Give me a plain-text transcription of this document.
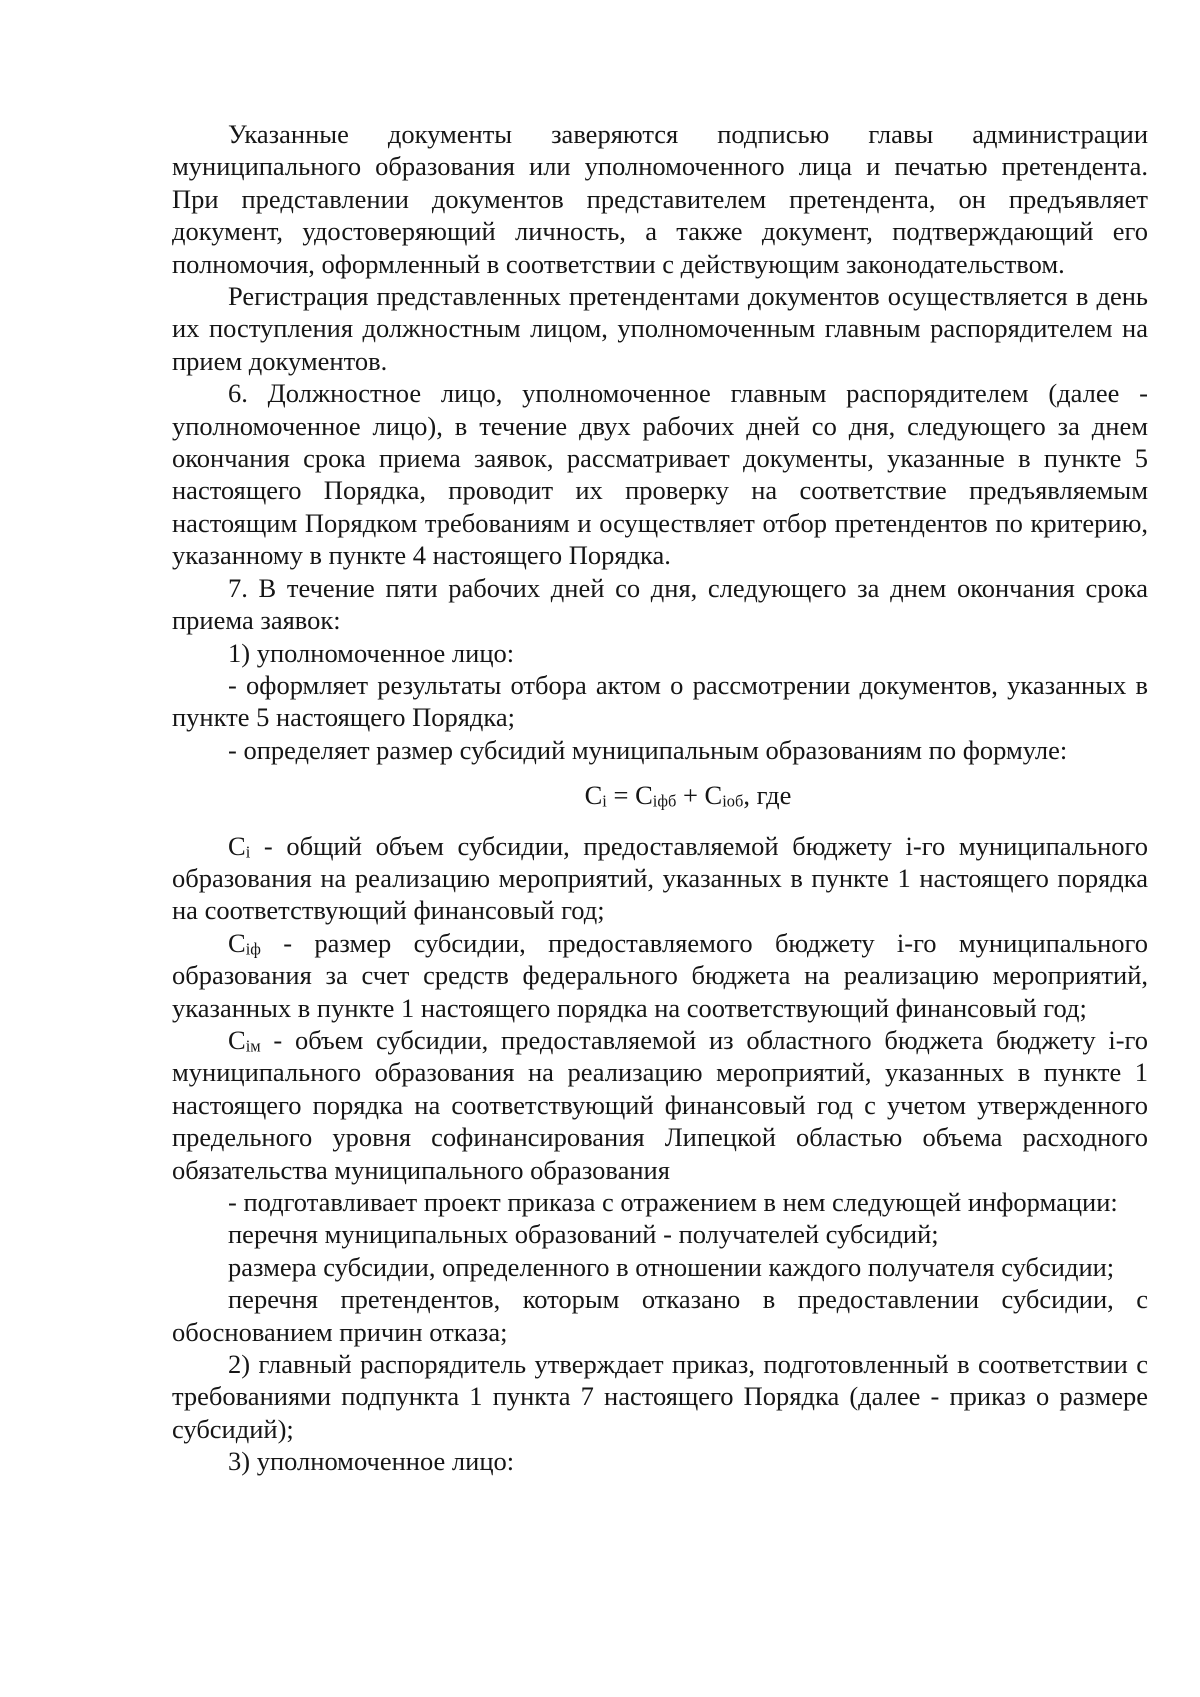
Указанные документы заверяются подписью главы администрации муниципального образования или уполномоченного лица и печатью претендента. При представлении документов представителем претендента, он предъявляет документ, удостоверяющий личность, а также документ, подтверждающий его полномочия, оформленный в соответствии с действующим законодательством.

Регистрация представленных претендентами документов осуществляется в день их поступления должностным лицом, уполномоченным главным распорядителем на прием документов.

6. Должностное лицо, уполномоченное главным распорядителем (далее - уполномоченное лицо), в течение двух рабочих дней со дня, следующего за днем окончания срока приема заявок, рассматривает документы, указанные в пункте 5 настоящего Порядка, проводит их проверку на соответствие предъявляемым настоящим Порядком требованиям и осуществляет отбор претендентов по критерию, указанному в пункте 4 настоящего Порядка.

7. В течение пяти рабочих дней со дня, следующего за днем окончания срока приема заявок:

1) уполномоченное лицо:

- оформляет результаты отбора актом о рассмотрении документов, указанных в пункте 5 настоящего Порядка;

- определяет размер субсидий муниципальным образованиям по формуле:

$C_i = C_{iфб} + C_{iоб}$, где

$C_i$ - общий объем субсидии, предоставляемой бюджету i-го муниципального образования на реализацию мероприятий, указанных в пункте 1 настоящего порядка на соответствующий финансовый год;

$C_{iф}$ - размер субсидии, предоставляемого бюджету i-го муниципального образования за счет средств федерального бюджета на реализацию мероприятий, указанных в пункте 1 настоящего порядка на соответствующий финансовый год;

$C_{iм}$ - объем субсидии, предоставляемой из областного бюджета бюджету i-го муниципального образования на реализацию мероприятий, указанных в пункте 1 настоящего порядка на соответствующий финансовый год с учетом утвержденного предельного уровня софинансирования Липецкой областью объема расходного обязательства муниципального образования

- подготавливает проект приказа с отражением в нем следующей информации:

перечня муниципальных образований - получателей субсидий;

размера субсидии, определенного в отношении каждого получателя субсидии;

перечня претендентов, которым отказано в предоставлении субсидии, с обоснованием причин отказа;

2) главный распорядитель утверждает приказ, подготовленный в соответствии с требованиями подпункта 1 пункта 7 настоящего Порядка (далее - приказ о размере субсидий);

3) уполномоченное лицо:
